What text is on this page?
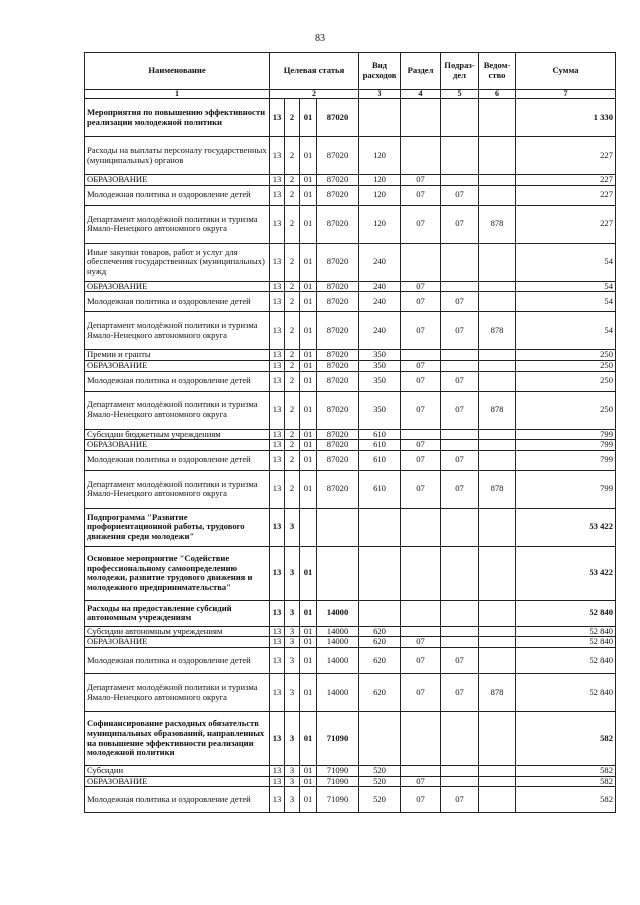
83
Наименование	Целевая статья				Вид расходов	Раздел	Подраз-дел	Ведом-ство	Сумма
1	2				3	4	5	6	7
Мероприятия по повышению эффективности реализации молодежной политики	13	2	01	87020					1 330
Расходы на выплаты персоналу государственных (муниципальных) органов	13	2	01	87020	120				227
ОБРАЗОВАНИЕ	13	2	01	87020	120	07			227
Молодежная политика и оздоровление детей	13	2	01	87020	120	07	07		227
Департамент молодёжной политики и туризма Ямало-Ненецкого автономного округа	13	2	01	87020	120	07	07	878	227
Иные закупки товаров, работ и услуг для обеспечения государственных (муниципальных) нужд	13	2	01	87020	240				54
ОБРАЗОВАНИЕ	13	2	01	87020	240	07			54
Молодежная политика и оздоровление детей	13	2	01	87020	240	07	07		54
Департамент молодёжной политики и туризма Ямало-Ненецкого автономного округа	13	2	01	87020	240	07	07	878	54
Премии и гранты	13	2	01	87020	350				250
ОБРАЗОВАНИЕ	13	2	01	87020	350	07			250
Молодежная политика и оздоровление детей	13	2	01	87020	350	07	07		250
Департамент молодёжной политики и туризма Ямало-Ненецкого автономного округа	13	2	01	87020	350	07	07	878	250
Субсидии бюджетным учреждениям	13	2	01	87020	610				799
ОБРАЗОВАНИЕ	13	2	01	87020	610	07			799
Молодежная политика и оздоровление детей	13	2	01	87020	610	07	07		799
Департамент молодёжной политики и туризма Ямало-Ненецкого автономного округа	13	2	01	87020	610	07	07	878	799
Подпрограмма "Развитие профориентационной работы, трудового движения среди молодежи"	13	3							53 422
Основное мероприятие "Содействие профессиональному самоопределению молодежи, развитие трудового движения и молодежного предпринимательства"	13	3	01						53 422
Расходы на предоставление субсидий автономным учреждениям	13	3	01	14000					52 840
Субсидии автономным учреждениям	13	3	01	14000	620				52 840
ОБРАЗОВАНИЕ	13	3	01	14000	620	07			52 840
Молодежная политика и оздоровление детей	13	3	01	14000	620	07	07		52 840
Департамент молодёжной политики и туризма Ямало-Ненецкого автономного округа	13	3	01	14000	620	07	07	878	52 840
Софинансирование расходных обязательств муниципальных образований, направленных на повышение эффективности реализации молодежной политики	13	3	01	71090					582
Субсидии	13	3	01	71090	520				582
ОБРАЗОВАНИЕ	13	3	01	71090	520	07			582
Молодежная политика и оздоровление детей	13	3	01	71090	520	07	07		582
